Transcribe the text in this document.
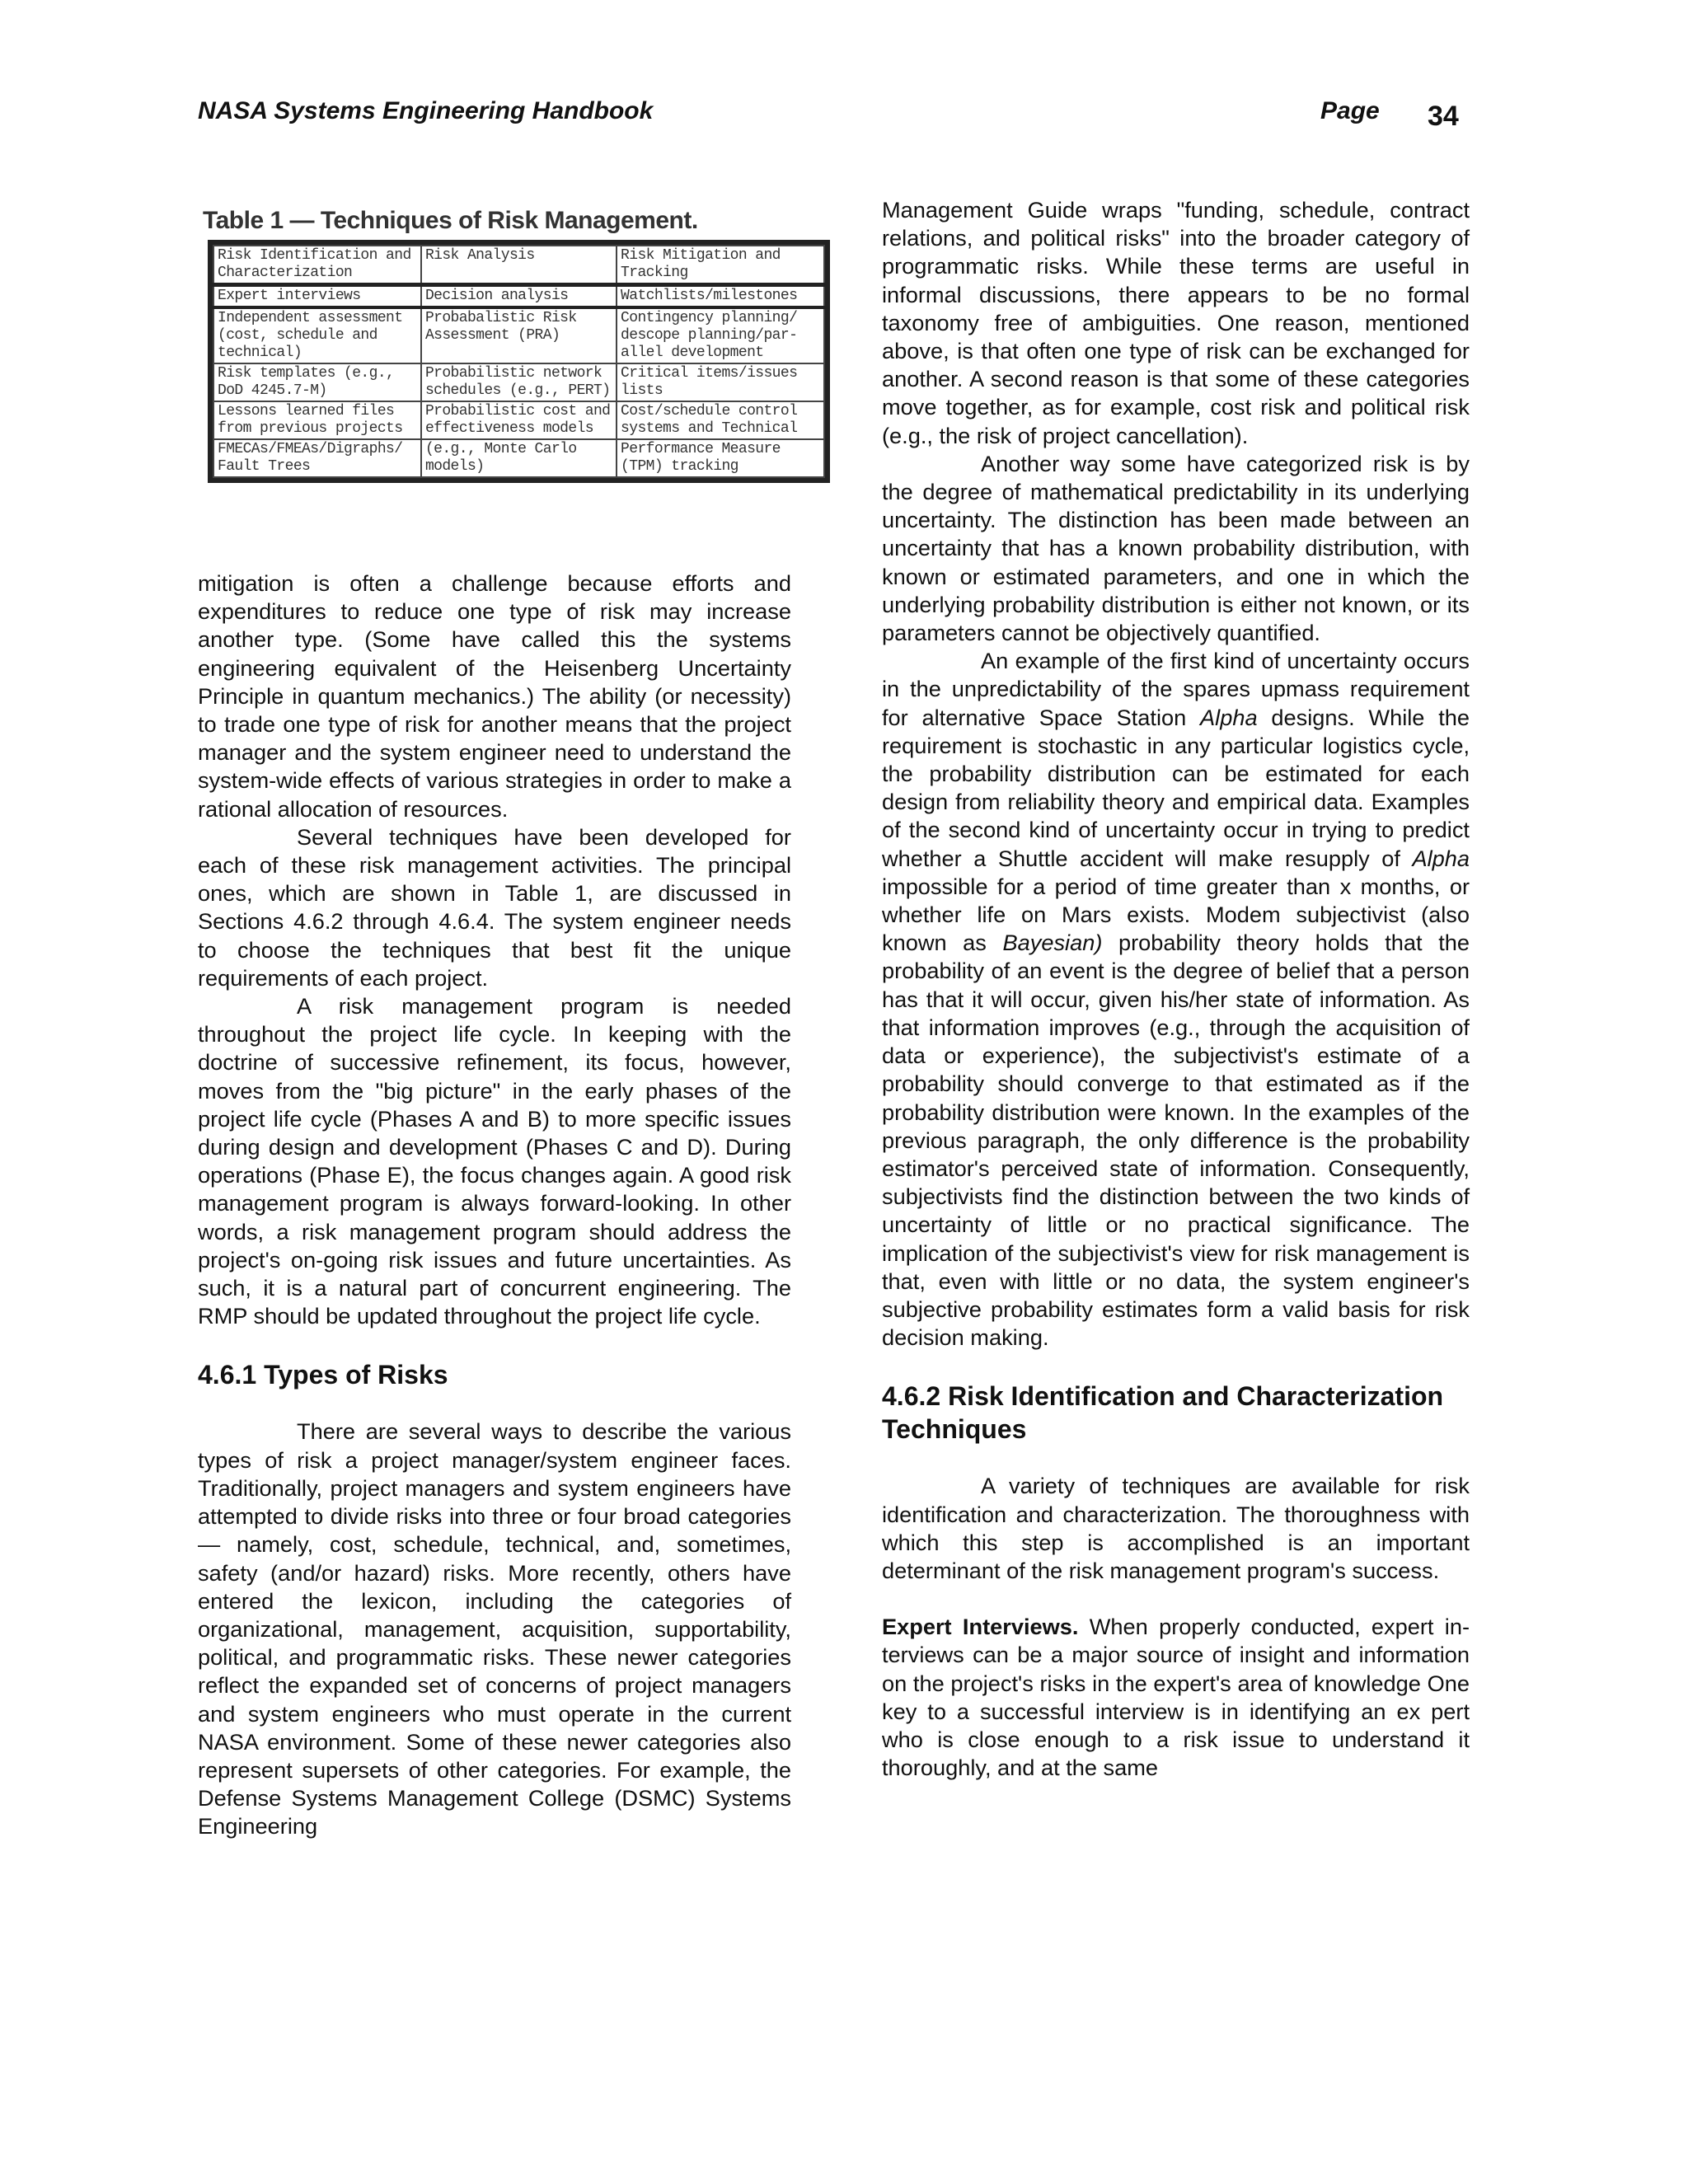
NASA Systems Engineering Handbook	Page 34
Table 1 — Techniques of Risk Management.
Risk Identification and Characterization	Risk Analysis	Risk Mitigation and Tracking
Expert interviews	Decision analysis	Watchlists/milestones
Independent assessment (cost, schedule and technical)	Probabalistic Risk Assessment (PRA)	Contingency planning/ descope planning/par-allel development
Risk templates (e.g., DoD 4245.7-M)	Probabilistic network schedules (e.g., PERT)	Critical items/issues lists
Lessons learned files from previous projects	Probabilistic cost and effectiveness models	Cost/schedule control systems and Technical
FMECAs/FMEAs/Digraphs/ Fault Trees	(e.g., Monte Carlo models)	Performance Measure (TPM) tracking

mitigation is often a challenge because efforts and expenditures to reduce one type of risk may increase another type. (Some have called this the systems engineering equivalent of the Heisenberg Uncertainty Principle in quantum mechanics.) The ability (or necessity) to trade one type of risk for another means that the project manager and the system engineer need to understand the system-wide effects of various strategies in order to make a rational allocation of resources.

Several techniques have been developed for each of these risk management activities. The principal ones, which are shown in Table 1, are discussed in Sections 4.6.2 through 4.6.4. The system engineer needs to choose the techniques that best fit the unique requirements of each project.

A risk management program is needed throughout the project life cycle. In keeping with the doctrine of successive refinement, its focus, however, moves from the "big picture" in the early phases of the project life cycle (Phases A and B) to more specific issues during design and development (Phases C and D). During operations (Phase E), the focus changes again. A good risk management program is always forward-looking. In other words, a risk management program should address the project's on-going risk issues and future uncertainties. As such, it is a natural part of concurrent engineering. The RMP should be updated throughout the project life cycle.

4.6.1 Types of Risks

There are several ways to describe the various types of risk a project manager/system engineer faces. Traditionally, project managers and system engineers have attempted to divide risks into three or four broad categories — namely, cost, schedule, technical, and, sometimes, safety (and/or hazard) risks. More recently, others have entered the lexicon, including the categories of organizational, management, acquisition, supportability, political, and programmatic risks. These newer categories reflect the expanded set of concerns of project managers and system engineers who must operate in the current NASA environment. Some of these newer categories also represent supersets of other categories. For example, the Defense Systems Management College (DSMC) Systems Engineering

Management Guide wraps "funding, schedule, contract relations, and political risks" into the broader category of programmatic risks. While these terms are useful in informal discussions, there appears to be no formal taxonomy free of ambiguities. One reason, mentioned above, is that often one type of risk can be exchanged for another. A second reason is that some of these categories move together, as for example, cost risk and political risk (e.g., the risk of project cancellation).

Another way some have categorized risk is by the degree of mathematical predictability in its underlying uncertainty. The distinction has been made between an uncertainty that has a known probability distribution, with known or estimated parameters, and one in which the underlying probability distribution is either not known, or its parameters cannot be objectively quantified.

An example of the first kind of uncertainty occurs in the unpredictability of the spares upmass requirement for alternative Space Station Alpha designs. While the requirement is stochastic in any particular logistics cycle, the probability distribution can be estimated for each design from reliability theory and empirical data. Examples of the second kind of uncertainty occur in trying to predict whether a Shuttle accident will make resupply of Alpha impossible for a period of time greater than x months, or whether life on Mars exists. Modem subjectivist (also known as Bayesian) probability theory holds that the probability of an event is the degree of belief that a person has that it will occur, given his/her state of information. As that information improves (e.g., through the acquisition of data or experience), the subjectivist's estimate of a probability should converge to that estimated as if the probability distribution were known. In the examples of the previous paragraph, the only difference is the probability estimator's perceived state of information. Consequently, subjectivists find the distinction between the two kinds of uncertainty of little or no practical significance. The implication of the subjectivist's view for risk management is that, even with little or no data, the system engineer's subjective probability estimates form a valid basis for risk decision making.

4.6.2 Risk Identification and Characterization Techniques

A variety of techniques are available for risk identification and characterization. The thoroughness with which this step is accomplished is an important determinant of the risk management program's success.

Expert Interviews. When properly conducted, expert in-terviews can be a major source of insight and information on the project's risks in the expert's area of knowledge One key to a successful interview is in identifying an ex pert who is close enough to a risk issue to understand it thoroughly, and at the same
